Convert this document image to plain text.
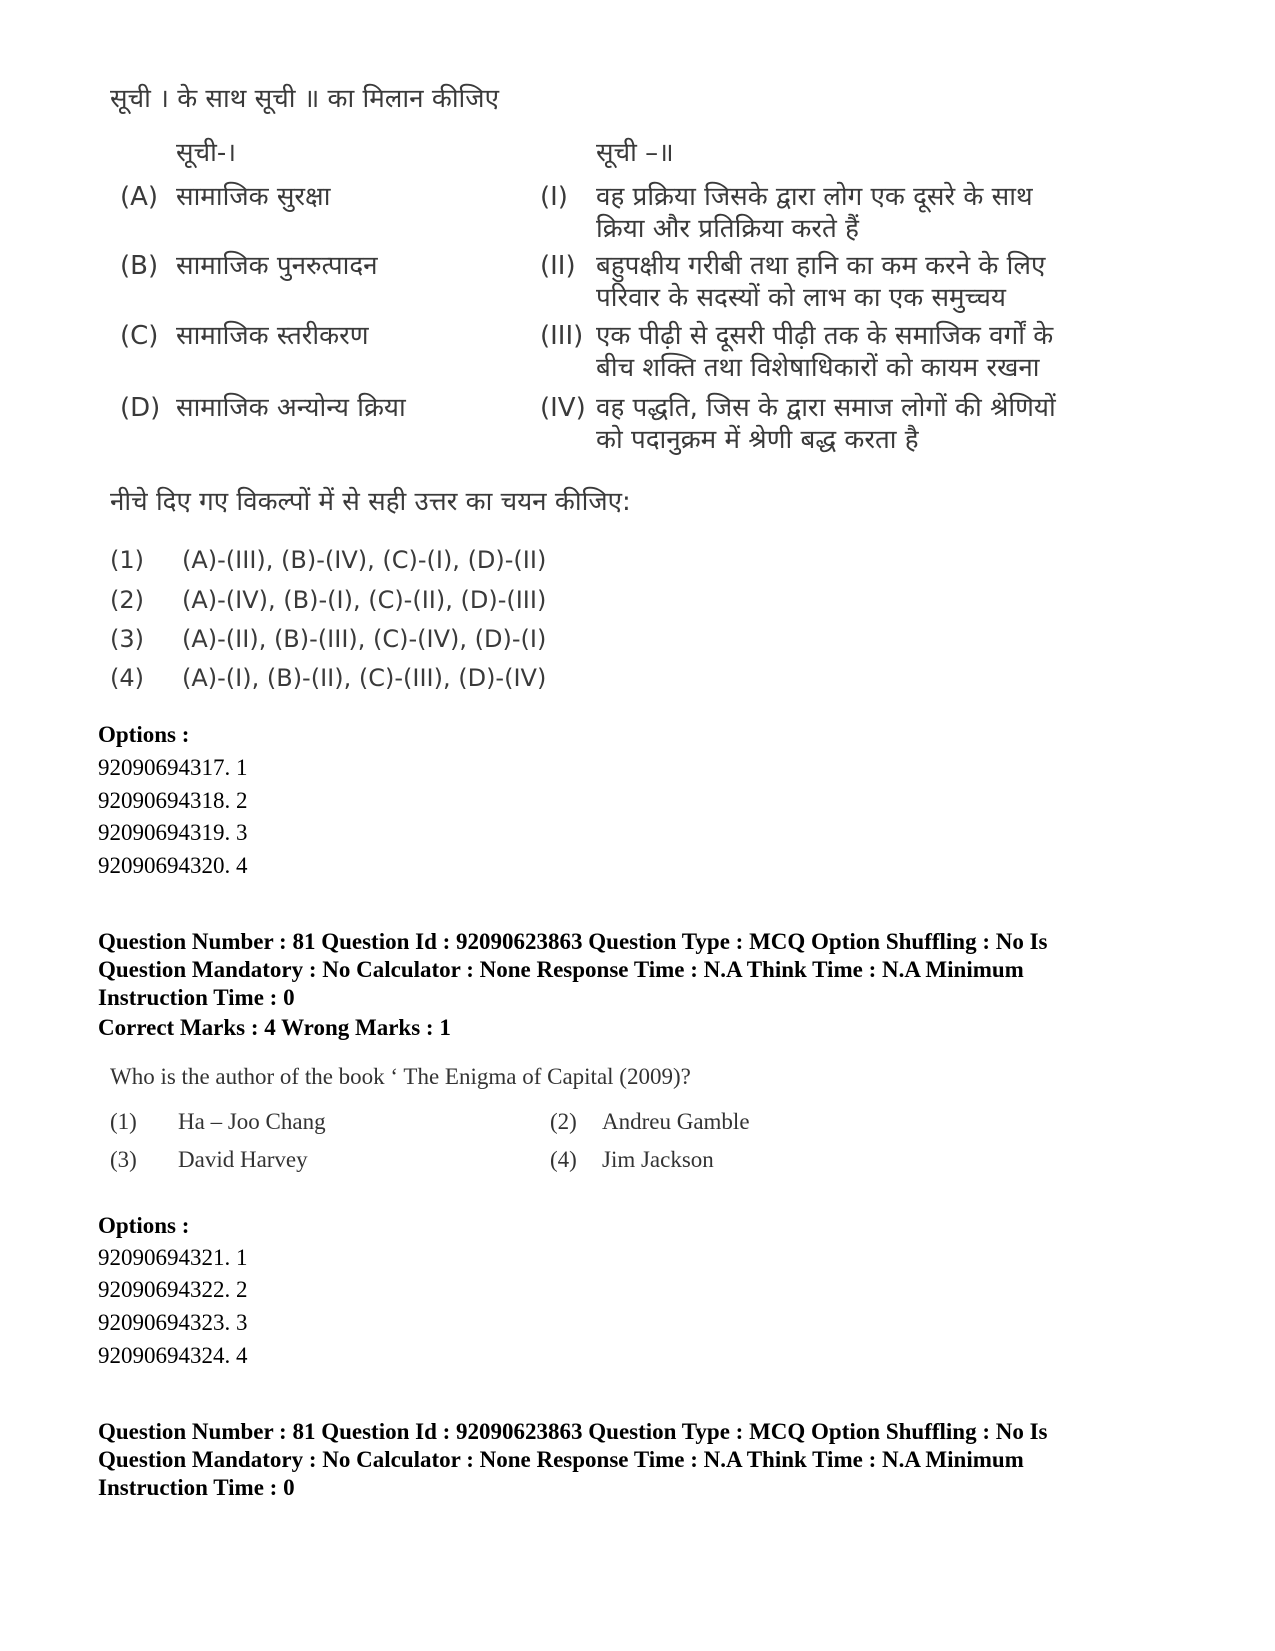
सूची । के साथ सूची ॥ का मिलान कीजिए
सूची-।	सूची –॥
(A) सामाजिक सुरक्षा	(I) वह प्रक्रिया जिसके द्वारा लोग एक दूसरे के साथ
क्रिया और प्रतिक्रिया करते हैं
(B) सामाजिक पुनरुत्पादन	(II) बहुपक्षीय गरीबी तथा हानि का कम करने के लिए
परिवार के सदस्यों को लाभ का एक समुच्चय
(C) सामाजिक स्तरीकरण	(III) एक पीढ़ी से दूसरी पीढ़ी तक के समाजिक वर्गों के
बीच शक्ति तथा विशेषाधिकारों को कायम रखना
(D) सामाजिक अन्योन्य क्रिया	(IV) वह पद्धति, जिस के द्वारा समाज लोगों की श्रेणियों
को पदानुक्रम में श्रेणी बद्ध करता है
नीचे दिए गए विकल्पों में से सही उत्तर का चयन कीजिए:
(1) (A)-(III), (B)-(IV), (C)-(I), (D)-(II)
(2) (A)-(IV), (B)-(I), (C)-(II), (D)-(III)
(3) (A)-(II), (B)-(III), (C)-(IV), (D)-(I)
(4) (A)-(I), (B)-(II), (C)-(III), (D)-(IV)
Options :
92090694317. 1
92090694318. 2
92090694319. 3
92090694320. 4
Question Number : 81 Question Id : 92090623863 Question Type : MCQ Option Shuffling : No Is
Question Mandatory : No Calculator : None Response Time : N.A Think Time : N.A Minimum
Instruction Time : 0
Correct Marks : 4 Wrong Marks : 1
Who is the author of the book ‘ The Enigma of Capital (2009)?
(1) Ha – Joo Chang	(2) Andreu Gamble
(3) David Harvey	(4) Jim Jackson
Options :
92090694321. 1
92090694322. 2
92090694323. 3
92090694324. 4
Question Number : 81 Question Id : 92090623863 Question Type : MCQ Option Shuffling : No Is
Question Mandatory : No Calculator : None Response Time : N.A Think Time : N.A Minimum
Instruction Time : 0
